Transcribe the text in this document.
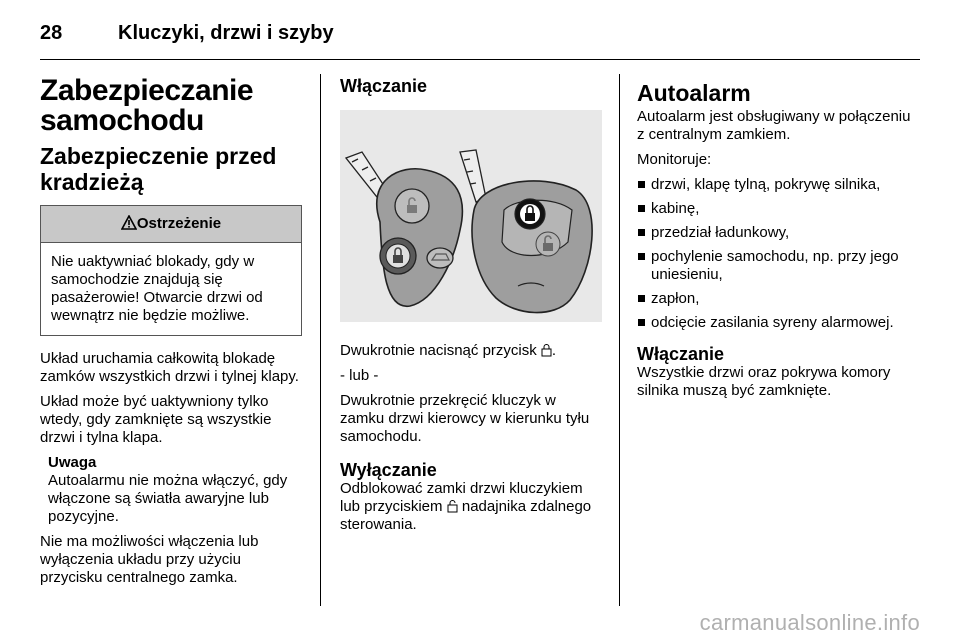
28	Kluczyki, drzwi i szyby
Zabezpieczanie samochodu
Zabezpieczenie przed kradzieżą
Ostrzeżenie
Nie uaktywniać blokady, gdy w samochodzie znajdują się pasażerowie! Otwarcie drzwi od wewnątrz nie będzie możliwe.

Układ uruchamia całkowitą blokadę zamków wszystkich drzwi i tylnej klapy.

Układ może być uaktywniony tylko wtedy, gdy zamknięte są wszystkie drzwi i tylna klapa.

Uwaga
Autoalarmu nie można włączyć, gdy włączone są światła awaryjne lub pozycyjne.

Nie ma możliwości włączenia lub wyłączenia układu przy użyciu przycisku centralnego zamka.

Włączanie

Dwukrotnie nacisnąć przycisk .

- lub -

Dwukrotnie przekręcić kluczyk w zamku drzwi kierowcy w kierunku tyłu samochodu.

Wyłączanie

Odblokować zamki drzwi kluczykiem lub przyciskiem nadajnika zdalnego sterowania.

Autoalarm

Autoalarm jest obsługiwany w połączeniu z centralnym zamkiem.

Monitoruje:

drzwi, klapę tylną, pokrywę silnika,
kabinę,
przedział ładunkowy,
pochylenie samochodu, np. przy jego uniesieniu,
zapłon,
odcięcie zasilania syreny alarmowej.
Włączanie

Wszystkie drzwi oraz pokrywa komory silnika muszą być zamknięte.

carmanualsonline.info
